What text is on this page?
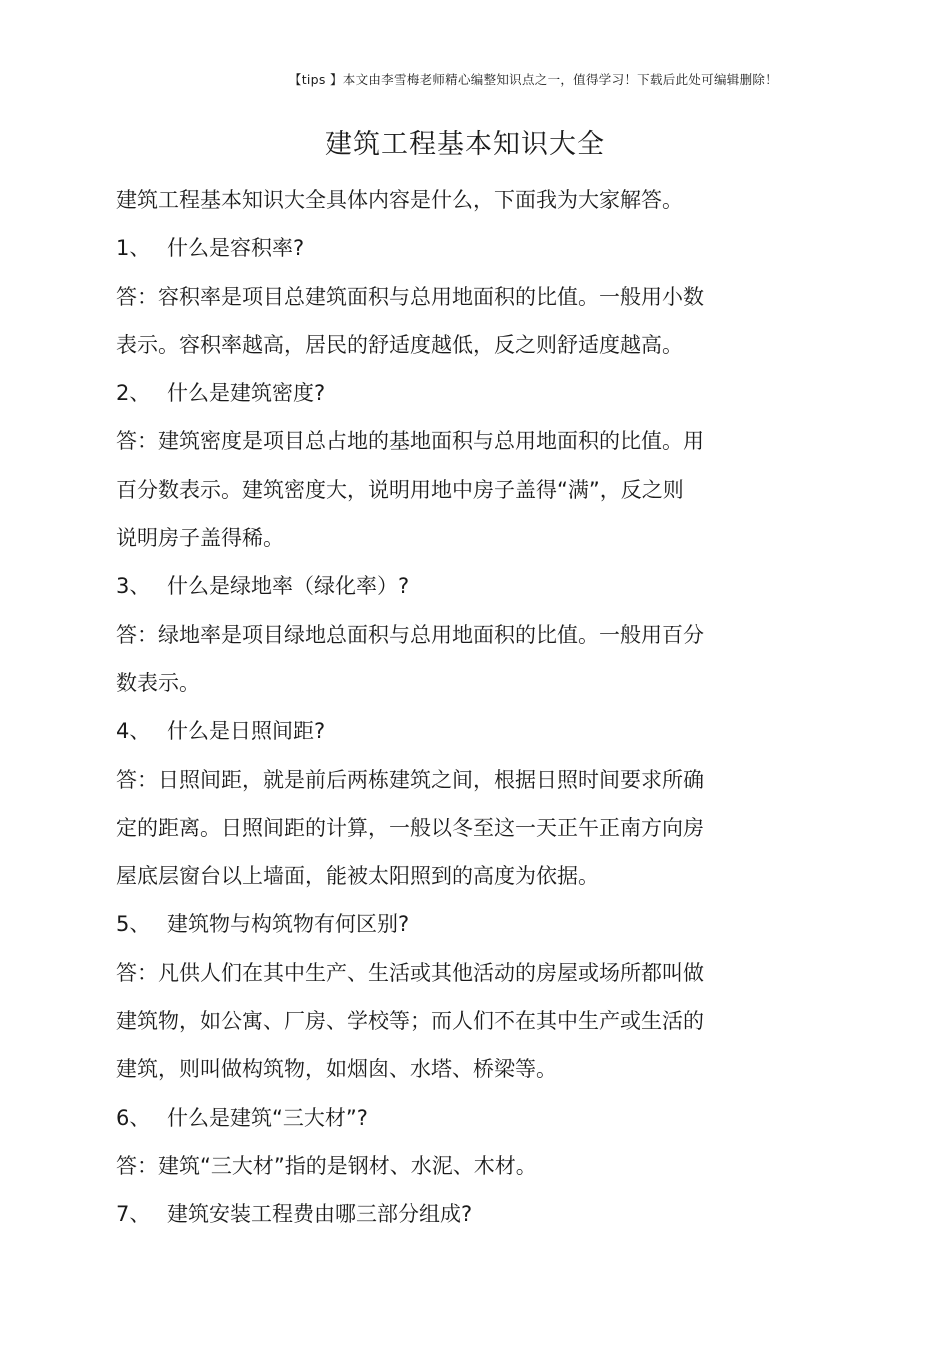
【tips 】本文由李雪梅老师精心编整知识点之一，值得学习！下载后此处可编辑删除！
建筑工程基本知识大全
建筑工程基本知识大全具体内容是什么，下面我为大家解答。
1、 什么是容积率?
答：容积率是项目总建筑面积与总用地面积的比值。一般用小数
表示。容积率越高，居民的舒适度越低，反之则舒适度越高。
2、 什么是建筑密度?
答：建筑密度是项目总占地的基地面积与总用地面积的比值。用
百分数表示。建筑密度大，说明用地中房子盖得“满”，反之则
说明房子盖得稀。
3、 什么是绿地率（绿化率）?
答：绿地率是项目绿地总面积与总用地面积的比值。一般用百分
数表示。
4、 什么是日照间距?
答：日照间距，就是前后两栋建筑之间，根据日照时间要求所确
定的距离。日照间距的计算，一般以冬至这一天正午正南方向房
屋底层窗台以上墙面，能被太阳照到的高度为依据。
5、 建筑物与构筑物有何区别?
答：凡供人们在其中生产、生活或其他活动的房屋或场所都叫做
建筑物，如公寓、厂房、学校等；而人们不在其中生产或生活的
建筑，则叫做构筑物，如烟囱、水塔、桥梁等。
6、 什么是建筑“三大材”?
答：建筑“三大材”指的是钢材、水泥、木材。
7、 建筑安装工程费由哪三部分组成?
